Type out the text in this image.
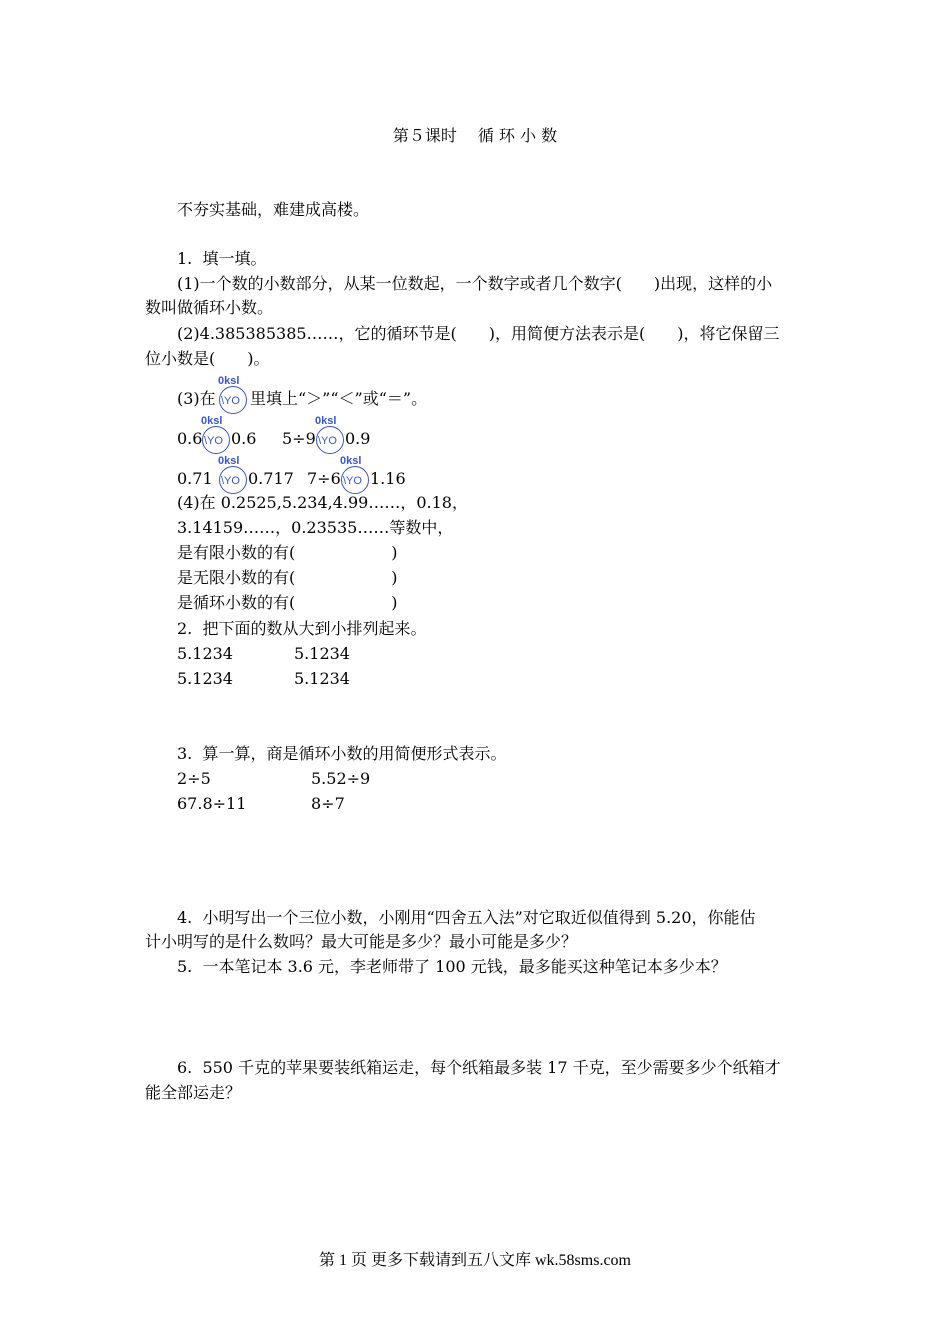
第５课时　 循 环 小 数
不夯实基础，难建成高楼。
1.  填一填。
(1)一个数的小数部分，从某一位数起，一个数字或者几个数字(　　)出现，这样的小
数叫做循环小数。
(2)4.385385385……，它的循环节是(　　)，用简便方法表示是(　　)，将它保留三
位小数是(　　)。
(3)在
0ksl
\YO 里填上“＞”“＜”或“＝”。
0.6
0ksl
\YO 0.6 5÷9
0ksl
\YO 0.9
0.71
0ksl
\YO 0.717 7÷6
0ksl
\YO 1.16
(4)在 0.2525,5.234,4.99……，0.18，
3.14159……，0.23535……等数中，
是有限小数的有(　　　　　　)
是无限小数的有(　　　　　　)
是循环小数的有(　　　　　　)
2.  把下面的数从大到小排列起来。
5.1234	5.1234
5.1234	5.1234
3.  算一算，商是循环小数的用简便形式表示。
2÷5	5.52÷9
67.8÷11	8÷7
4.  小明写出一个三位小数，小刚用“四舍五入法”对它取近似值得到 5.20，你能估
计小明写的是什么数吗？最大可能是多少？最小可能是多少？
5.  一本笔记本 3.6 元，李老师带了 100 元钱，最多能买这种笔记本多少本？
6.  550 千克的苹果要装纸箱运走，每个纸箱最多装 17 千克，至少需要多少个纸箱才
能全部运走？
第 1 页 更多下载请到五八文库 wk.58sms.com
